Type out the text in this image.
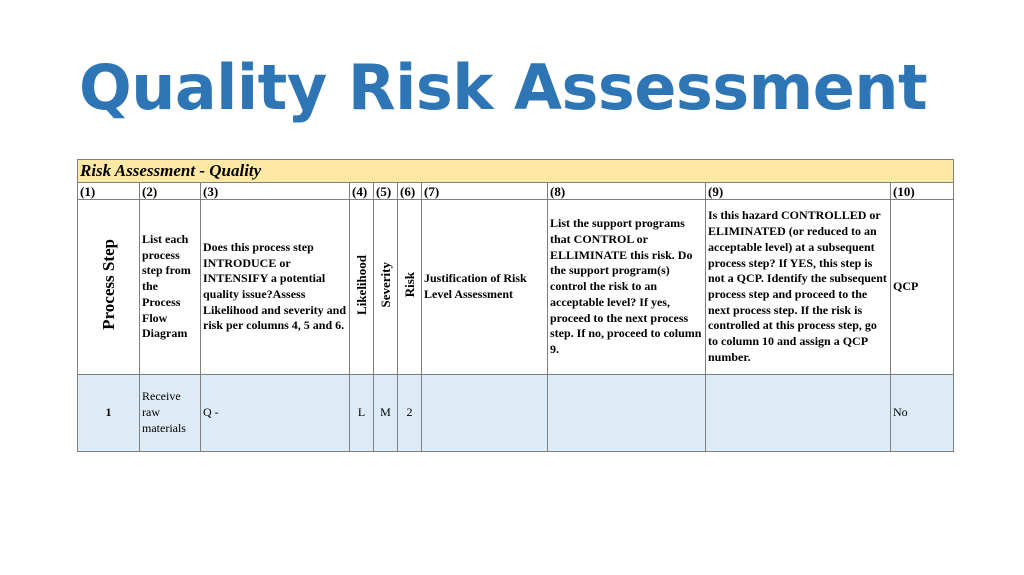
Quality Risk Assessment
Risk Assessment - Quality									
(1)	(2)	(3)	(4)	(5)	(6)	(7)	(8)	(9)	(10)
Process Step	List each process step from the Process Flow Diagram	Does this process step INTRODUCE or INTENSIFY a potential quality issue?Assess Likelihood and severity and risk per columns 4, 5 and 6.	Likelihood	Severity	Risk	Justification of Risk Level Assessment	List the support programs that CONTROL or ELLIMINATE this risk. Do the support program(s) control the risk to an acceptable level? If yes, proceed to the next process step. If no, proceed to column 9.	Is this hazard CONTROLLED or ELIMINATED (or reduced to an acceptable level) at a subsequent process step? If YES, this step is not a QCP. Identify the subsequent process step and proceed to the next process step. If the risk is controlled at this process step, go to column 10 and assign a QCP number.	QCP
1	Receive raw materials	Q -	L	M	2				No
